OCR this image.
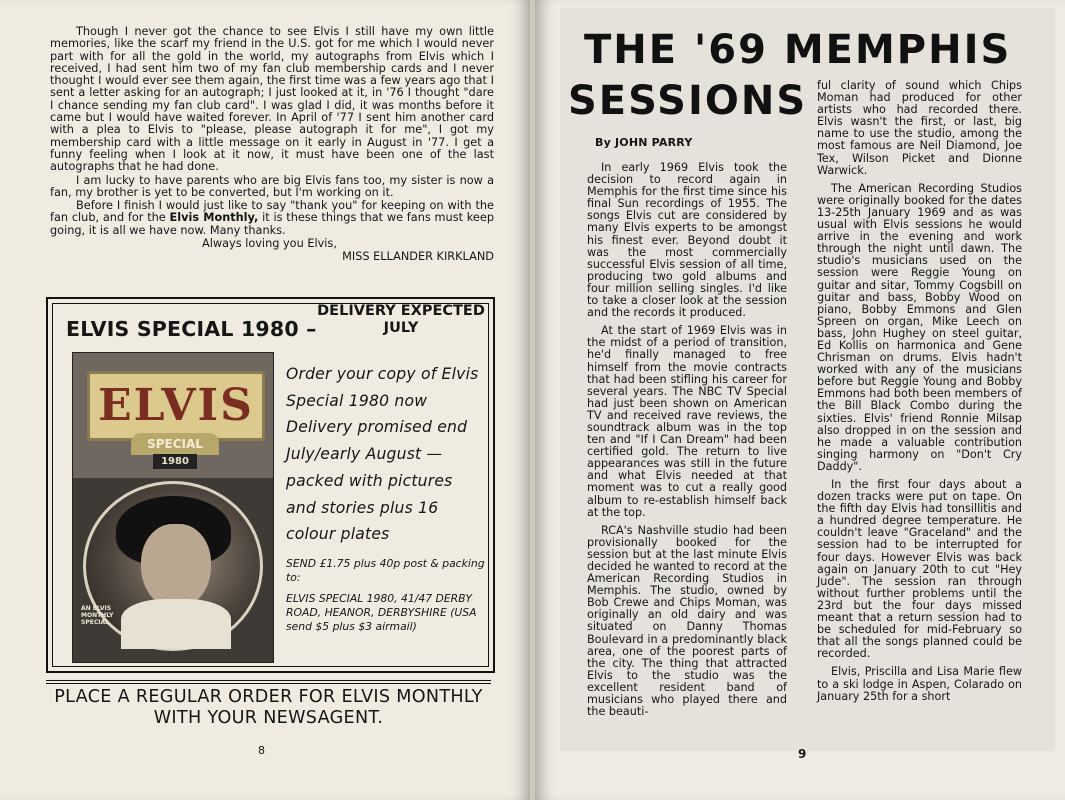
Though I never got the chance to see Elvis I still have my own little memories, like the scarf my friend in the U.S. got for me which I would never part with for all the gold in the world, my autographs from Elvis which I received, I had sent him two of my fan club membership cards and I never thought I would ever see them again, the first time was a few years ago that I sent a letter asking for an autograph; I just looked at it, in '76 I thought "dare I chance sending my fan club card". I was glad I did, it was months before it came but I would have waited forever. In April of '77 I sent him another card with a plea to Elvis to "please, please autograph it for me", I got my membership card with a little message on it early in August in '77. I get a funny feeling when I look at it now, it must have been one of the last autographs that he had done.

I am lucky to have parents who are big Elvis fans too, my sister is now a fan, my brother is yet to be converted, but I'm working on it.

Before I finish I would just like to say "thank you" for keeping on with the fan club, and for the Elvis Monthly, it is these things that we fans must keep going, it is all we have now. Many thanks.

Always loving you Elvis,

MISS ELLANDER KIRKLAND

ELVIS SPECIAL 1980 –
DELIVERY EXPECTED JULY
ELVIS
SPECIAL
1980
AN ELVIS MONTHLY SPECIAL
Order your copy of Elvis Special 1980 now Delivery promised end July/early August — packed with pictures and stories plus 16 colour plates
SEND £1.75 plus 40p post & packing to:
ELVIS SPECIAL 1980, 41/47 DERBY ROAD, HEANOR, DERBYSHIRE (USA send $5 plus $3 airmail)
PLACE A REGULAR ORDER FOR ELVIS MONTHLY WITH YOUR NEWSAGENT.
8
THE '69 MEMPHIS
SESSIONS
By JOHN PARRY

In early 1969 Elvis took the decision to record again in Memphis for the first time since his final Sun recordings of 1955. The songs Elvis cut are considered by many Elvis experts to be amongst his finest ever. Beyond doubt it was the most commercially successful Elvis session of all time, producing two gold albums and four million selling singles. I'd like to take a closer look at the session and the records it produced.

At the start of 1969 Elvis was in the midst of a period of transition, he'd finally managed to free himself from the movie contracts that had been stifling his career for several years. The NBC TV Special had just been shown on American TV and received rave reviews, the soundtrack album was in the top ten and "If I Can Dream" had been certified gold. The return to live appearances was still in the future and what Elvis needed at that moment was to cut a really good album to re-establish himself back at the top.

RCA's Nashville studio had been provisionally booked for the session but at the last minute Elvis decided he wanted to record at the American Recording Studios in Memphis. The studio, owned by Bob Crewe and Chips Moman, was originally an old dairy and was situated on Danny Thomas Boulevard in a predominantly black area, one of the poorest parts of the city. The thing that attracted Elvis to the studio was the excellent resident band of musicians who played there and the beauti-

ful clarity of sound which Chips Moman had produced for other artists who had recorded there. Elvis wasn't the first, or last, big name to use the studio, among the most famous are Neil Diamond, Joe Tex, Wilson Picket and Dionne Warwick.

The American Recording Studios were originally booked for the dates 13-25th January 1969 and as was usual with Elvis sessions he would arrive in the evening and work through the night until dawn. The studio's musicians used on the session were Reggie Young on guitar and sitar, Tommy Cogsbill on guitar and bass, Bobby Wood on piano, Bobby Emmons and Glen Spreen on organ, Mike Leech on bass, John Hughey on steel guitar, Ed Kollis on harmonica and Gene Chrisman on drums. Elvis hadn't worked with any of the musicians before but Reggie Young and Bobby Emmons had both been members of the Bill Black Combo during the sixties. Elvis' friend Ronnie Milsap also dropped in on the session and he made a valuable contribution singing harmony on "Don't Cry Daddy".

In the first four days about a dozen tracks were put on tape. On the fifth day Elvis had tonsillitis and a hundred degree temperature. He couldn't leave "Graceland" and the session had to be interrupted for four days. However Elvis was back again on January 20th to cut "Hey Jude". The session ran through without further problems until the 23rd but the four days missed meant that a return session had to be scheduled for mid-February so that all the songs planned could be recorded.

Elvis, Priscilla and Lisa Marie flew to a ski lodge in Aspen, Colarado on January 25th for a short

9
